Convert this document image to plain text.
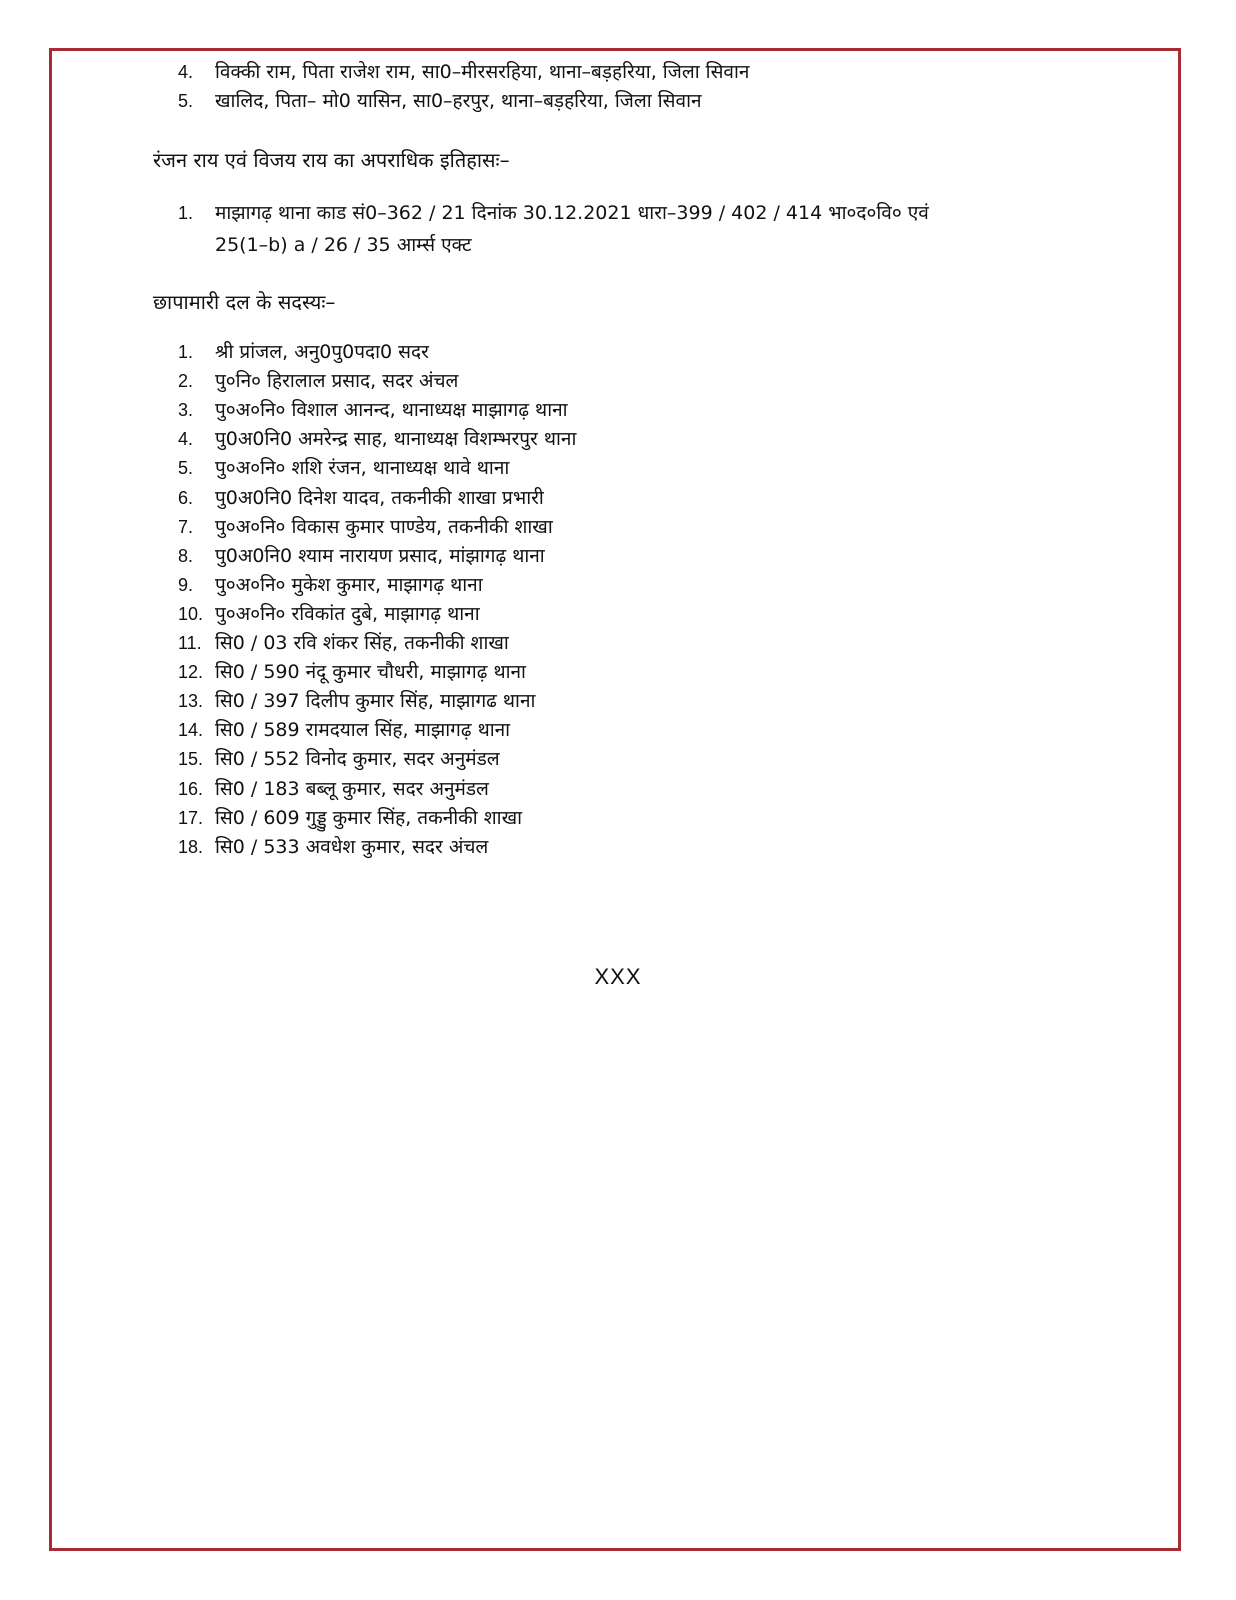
4. विक्की राम, पिता राजेश राम, सा0–मीरसरहिया, थाना–बड़हरिया, जिला सिवान
5. खालिद, पिता– मो0 यासिन, सा0–हरपुर, थाना–बड़हरिया, जिला सिवान
रंजन राय एवं विजय राय का अपराधिक इतिहासः–
1. माझागढ़ थाना काड सं0–362 / 21 दिनांक 30.12.2021 धारा–399 / 402 / 414 भा०द०वि० एवं
25(1–b) a / 26 / 35 आर्म्स एक्ट
छापामारी दल के सदस्यः–
1. श्री प्रांजल, अनु0पु0पदा0 सदर
2. पु०नि० हिरालाल प्रसाद, सदर अंचल
3. पु०अ०नि० विशाल आनन्द, थानाध्यक्ष माझागढ़ थाना
4. पु0अ0नि0 अमरेन्द्र साह, थानाध्यक्ष विशम्भरपुर थाना
5. पु०अ०नि० शशि रंजन, थानाध्यक्ष थावे थाना
6. पु0अ0नि0 दिनेश यादव, तकनीकी शाखा प्रभारी
7. पु०अ०नि० विकास कुमार पाण्डेय, तकनीकी शाखा
8. पु0अ0नि0 श्याम नारायण प्रसाद, मांझागढ़ थाना
9. पु०अ०नि० मुकेश कुमार, माझागढ़ थाना
10. पु०अ०नि० रविकांत दुबे, माझागढ़ थाना
11. सि0 / 03 रवि शंकर सिंह, तकनीकी शाखा
12. सि0 / 590 नंदू कुमार चौधरी, माझागढ़ थाना
13. सि0 / 397 दिलीप कुमार सिंह, माझागढ थाना
14. सि0 / 589 रामदयाल सिंह, माझागढ़ थाना
15. सि0 / 552 विनोद कुमार, सदर अनुमंडल
16. सि0 / 183 बब्लू कुमार, सदर अनुमंडल
17. सि0 / 609 गुड्डु कुमार सिंह, तकनीकी शाखा
18. सि0 / 533 अवधेश कुमार, सदर अंचल
XXX
